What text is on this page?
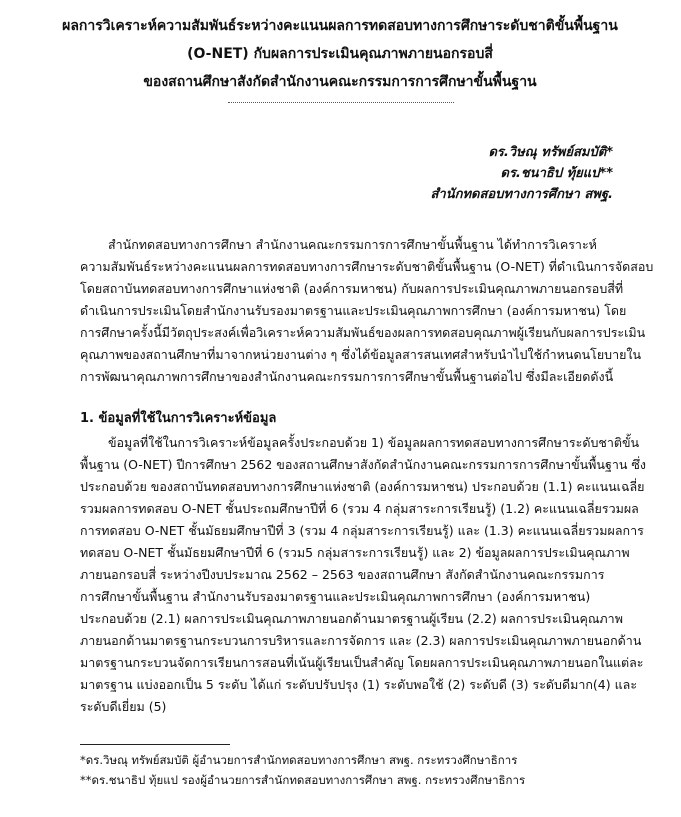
ผลการวิเคราะห์ความสัมพันธ์ระหว่างคะแนนผลการทดสอบทางการศึกษาระดับชาติขั้นพื้นฐาน
(O-NET) กับผลการประเมินคุณภาพภายนอกรอบสี่
ของสถานศึกษาสังกัดสำนักงานคณะกรรมการการศึกษาขั้นพื้นฐาน
ดร.วิษณุ ทรัพย์สมบัติ*
ดร.ชนาธิป ทุ้ยแป**
สำนักทดสอบทางการศึกษา สพฐ.
สำนักทดสอบทางการศึกษา สำนักงานคณะกรรมการการศึกษาขั้นพื้นฐาน ได้ทำการวิเคราะห์
ความสัมพันธ์ระหว่างคะแนนผลการทดสอบทางการศึกษาระดับชาติขั้นพื้นฐาน (O-NET) ที่ดำเนินการจัดสอบ
โดยสถาบันทดสอบทางการศึกษาแห่งชาติ (องค์การมหาชน) กับผลการประเมินคุณภาพภายนอกรอบสี่ที่
ดำเนินการประเมินโดยสำนักงานรับรองมาตรฐานและประเมินคุณภาพการศึกษา (องค์การมหาชน) โดย
การศึกษาครั้งนี้มีวัตถุประสงค์เพื่อวิเคราะห์ความสัมพันธ์ของผลการทดสอบคุณภาพผู้เรียนกับผลการประเมิน
คุณภาพของสถานศึกษาที่มาจากหน่วยงานต่าง ๆ ซึ่งได้ข้อมูลสารสนเทศสำหรับนำไปใช้กำหนดนโยบายใน
การพัฒนาคุณภาพการศึกษาของสำนักงานคณะกรรมการการศึกษาขั้นพื้นฐานต่อไป ซึ่งมีละเอียดดังนี้
1. ข้อมูลที่ใช้ในการวิเคราะห์ข้อมูล
ข้อมูลที่ใช้ในการวิเคราะห์ข้อมูลครั้งประกอบด้วย 1) ข้อมูลผลการทดสอบทางการศึกษาระดับชาติขั้น
พื้นฐาน (O-NET) ปีการศึกษา 2562 ของสถานศึกษาสังกัดสำนักงานคณะกรรมการการศึกษาขั้นพื้นฐาน ซึ่ง
ประกอบด้วย ของสถาบันทดสอบทางการศึกษาแห่งชาติ (องค์การมหาชน) ประกอบด้วย (1.1) คะแนนเฉลี่ย
รวมผลการทดสอบ O-NET ชั้นประถมศึกษาปีที่ 6 (รวม 4 กลุ่มสาระการเรียนรู้) (1.2) คะแนนเฉลี่ยรวมผล
การทดสอบ O-NET ชั้นมัธยมศึกษาปีที่ 3 (รวม 4 กลุ่มสาระการเรียนรู้) และ (1.3) คะแนนเฉลี่ยรวมผลการ
ทดสอบ O-NET ชั้นมัธยมศึกษาปีที่ 6 (รวม5 กลุ่มสาระการเรียนรู้) และ 2) ข้อมูลผลการประเมินคุณภาพ
ภายนอกรอบสี่ ระหว่างปีงบประมาณ 2562 – 2563 ของสถานศึกษา สังกัดสำนักงานคณะกรรมการ
การศึกษาขั้นพื้นฐาน สำนักงานรับรองมาตรฐานและประเมินคุณภาพการศึกษา (องค์การมหาชน)
ประกอบด้วย (2.1) ผลการประเมินคุณภาพภายนอกด้านมาตรฐานผู้เรียน (2.2) ผลการประเมินคุณภาพ
ภายนอกด้านมาตรฐานกระบวนการบริหารและการจัดการ และ (2.3) ผลการประเมินคุณภาพภายนอกด้าน
มาตรฐานกระบวนจัดการเรียนการสอนที่เน้นผู้เรียนเป็นสำคัญ โดยผลการประเมินคุณภาพภายนอกในแต่ละ
มาตรฐาน แบ่งออกเป็น 5 ระดับ ได้แก่ ระดับปรับปรุง (1) ระดับพอใช้ (2) ระดับดี (3) ระดับดีมาก(4) และ
ระดับดีเยี่ยม (5)
*ดร.วิษณุ ทรัพย์สมบัติ ผู้อำนวยการสำนักทดสอบทางการศึกษา สพฐ. กระทรวงศึกษาธิการ
**ดร.ชนาธิป ทุ้ยแป รองผู้อำนวยการสำนักทดสอบทางการศึกษา สพฐ. กระทรวงศึกษาธิการ
